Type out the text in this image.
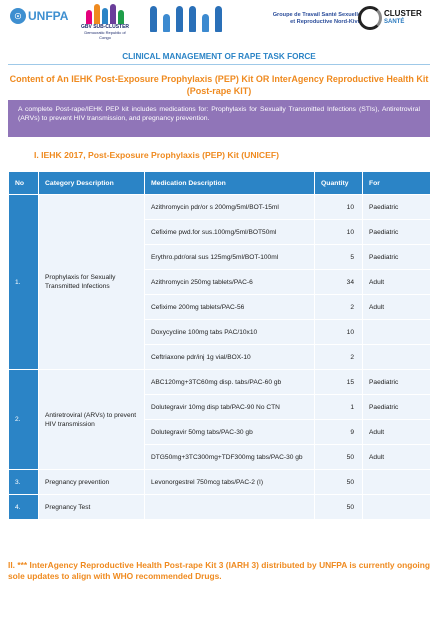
☉ UNFPA
GBV SUB-CLUSTER
Democratic Republic of Congo
Groupe de Travail Santé Sexuelle
et Reproductive Nord-Kivu
CLUSTER
SANTÉ
CLINICAL MANAGEMENT OF RAPE TASK FORCE
Content of An IEHK Post-Exposure Prophylaxis (PEP) Kit OR InterAgency Reproductive Health Kit (Post-rape KIT)
A complete Post-rape/IEHK PEP kit includes medications for: Prophylaxis for Sexually Transmitted Infections (STIs), Antiretroviral (ARVs) to prevent HIV transmission, and pregnancy prevention.
I. IEHK 2017, Post-Exposure Prophylaxis (PEP) Kit (UNICEF)
No	Category Description	Medication Description	Quantity	For
1.	Prophylaxis for Sexually Transmitted Infections	Azithromycin pdr/or s 200mg/5ml/BOT-15ml	10	Paediatric
		Cefixime pwd.for sus.100mg/5ml/BOT50ml	10	Paediatric
		Erythro.pdr/oral sus 125mg/5ml/BOT-100ml	5	Paediatric
		Azithromycin 250mg tablets/PAC-6	34	Adult
		Cefixime 200mg tablets/PAC-56	2	Adult
		Doxycycline 100mg tabs PAC/10x10	10	
		Ceftriaxone pdr/inj 1g vial/BOX-10	2	
2.	Antiretroviral (ARVs) to prevent HIV transmission	ABC120mg+3TC60mg disp. tabs/PAC-60 gb	15	Paediatric
		Dolutegravir 10mg disp tab/PAC-90 No CTN	1	Paediatric
		Dolutegravir 50mg tabs/PAC-30 gb	9	Adult
		DTG50mg+3TC300mg+TDF300mg tabs/PAC-30 gb	50	Adult
3.	Pregnancy prevention	Levonorgestrel 750mcg tabs/PAC-2 (I)	50	
4.	Pregnancy Test		50	
II. *** InterAgency Reproductive Health Post-rape Kit 3 (IARH 3) distributed by UNFPA is currently ongoing sole updates to align with WHO recommended Drugs.
